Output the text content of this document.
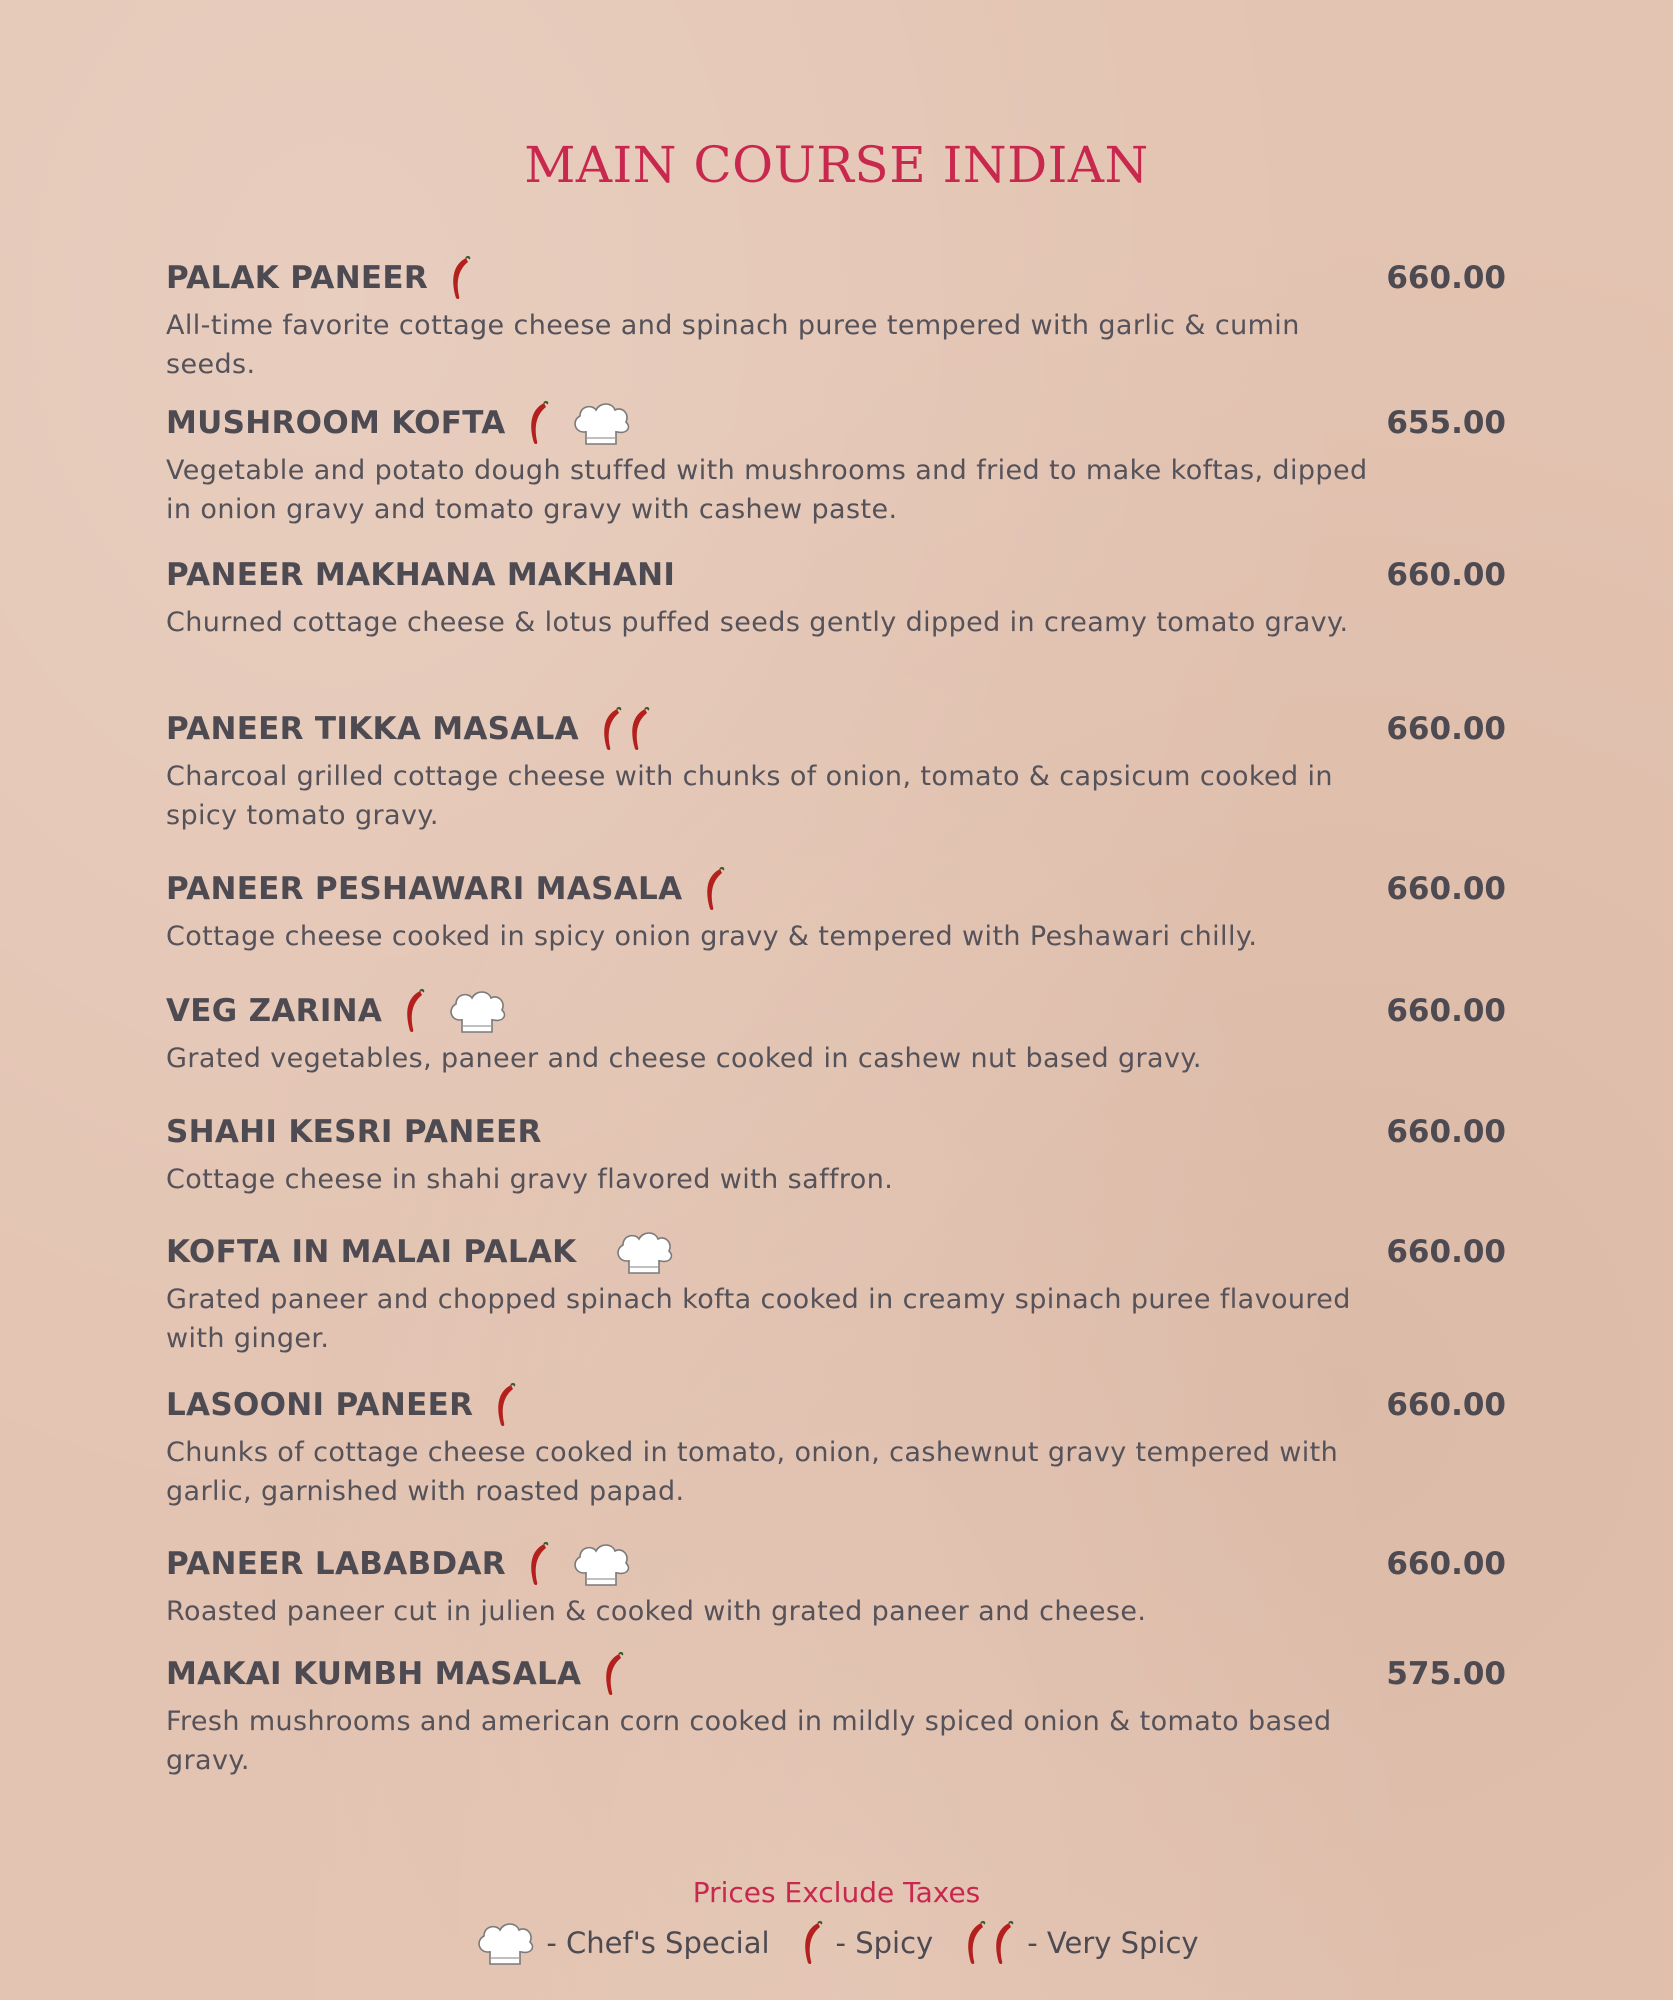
MAIN COURSE INDIAN
PALAK PANEER	660.00
All-time favorite cottage cheese and spinach puree tempered with garlic & cumin seeds.
MUSHROOM KOFTA	655.00
Vegetable and potato dough stuffed with mushrooms and fried to make koftas, dipped in onion gravy and tomato gravy with cashew paste.
PANEER MAKHANA MAKHANI	660.00
Churned cottage cheese & lotus puffed seeds gently dipped in creamy tomato gravy.
PANEER TIKKA MASALA	660.00
Charcoal grilled cottage cheese with chunks of onion, tomato & capsicum cooked in spicy tomato gravy.
PANEER PESHAWARI MASALA	660.00
Cottage cheese cooked in spicy onion gravy & tempered with Peshawari chilly.
VEG ZARINA	660.00
Grated vegetables, paneer and cheese cooked in cashew nut based gravy.
SHAHI KESRI PANEER	660.00
Cottage cheese in shahi gravy flavored with saffron.
KOFTA IN MALAI PALAK	660.00
Grated paneer and chopped spinach kofta cooked in creamy spinach puree flavoured with ginger.
LASOONI PANEER	660.00
Chunks of cottage cheese cooked in tomato, onion, cashewnut gravy tempered with garlic, garnished with roasted papad.
PANEER LABABDAR	660.00
Roasted paneer cut in julien & cooked with grated paneer and cheese.
MAKAI KUMBH MASALA	575.00
Fresh mushrooms and american corn cooked in mildly spiced onion & tomato based gravy.
Prices Exclude Taxes
- Chef's Special - Spicy	- Very Spicy
